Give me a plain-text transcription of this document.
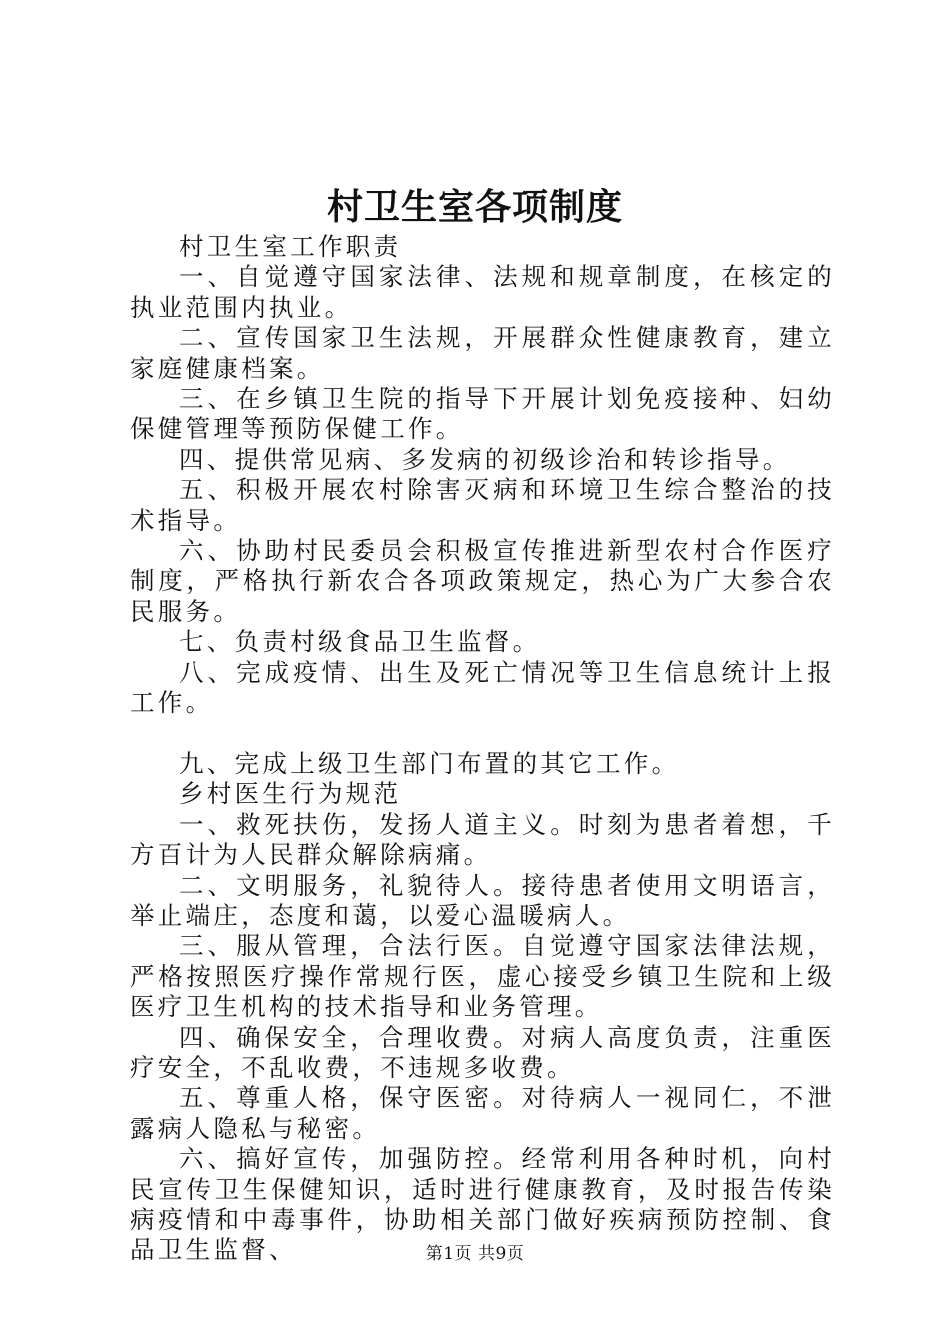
村卫生室各项制度

村卫生室工作职责

一、自觉遵守国家法律、法规和规章制度，在核定的执业范围内执业。

二、宣传国家卫生法规，开展群众性健康教育，建立家庭健康档案。

三、在乡镇卫生院的指导下开展计划免疫接种、妇幼保健管理等预防保健工作。

四、提供常见病、多发病的初级诊治和转诊指导。

五、积极开展农村除害灭病和环境卫生综合整治的技术指导。

六、协助村民委员会积极宣传推进新型农村合作医疗制度，严格执行新农合各项政策规定，热心为广大参合农民服务。

七、负责村级食品卫生监督。

八、完成疫情、出生及死亡情况等卫生信息统计上报工作。

九、完成上级卫生部门布置的其它工作。

乡村医生行为规范

一、救死扶伤，发扬人道主义。时刻为患者着想，千方百计为人民群众解除病痛。

二、文明服务，礼貌待人。接待患者使用文明语言，举止端庄，态度和蔼，以爱心温暖病人。

三、服从管理，合法行医。自觉遵守国家法律法规，严格按照医疗操作常规行医，虚心接受乡镇卫生院和上级医疗卫生机构的技术指导和业务管理。

四、确保安全，合理收费。对病人高度负责，注重医疗安全，不乱收费，不违规多收费。

五、尊重人格，保守医密。对待病人一视同仁，不泄露病人隐私与秘密。

六、搞好宣传，加强防控。经常利用各种时机，向村民宣传卫生保健知识，适时进行健康教育，及时报告传染病疫情和中毒事件，协助相关部门做好疾病预防控制、食品卫生监督、	第1页 共9页
